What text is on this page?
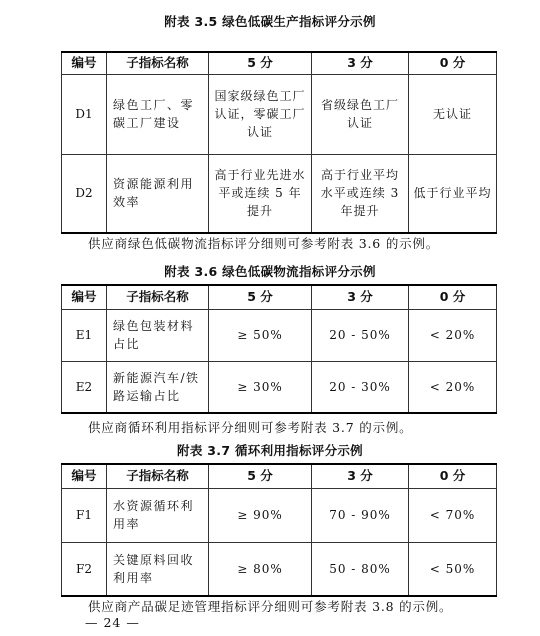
附表 3.5 绿色低碳生产指标评分示例
编号	子指标名称	5 分	3 分	0 分
D1	绿色工厂、零碳工厂建设	国家级绿色工厂认证，零碳工厂认证	省级绿色工厂认证	无认证
D2	资源能源利用效率	高于行业先进水平或连续 5 年提升	高于行业平均水平或连续 3 年提升	低于行业平均
供应商绿色低碳物流指标评分细则可参考附表 3.6 的示例。
附表 3.6 绿色低碳物流指标评分示例
编号	子指标名称	5 分	3 分	0 分
E1	绿色包装材料占比	≥ 50%	20 - 50%	< 20%
E2	新能源汽车/铁路运输占比	≥ 30%	20 - 30%	< 20%
供应商循环利用指标评分细则可参考附表 3.7 的示例。
附表 3.7 循环利用指标评分示例
编号	子指标名称	5 分	3 分	0 分
F1	水资源循环利用率	≥ 90%	70 - 90%	< 70%
F2	关键原料回收利用率	≥ 80%	50 - 80%	< 50%
供应商产品碳足迹管理指标评分细则可参考附表 3.8 的示例。
— 24 —
